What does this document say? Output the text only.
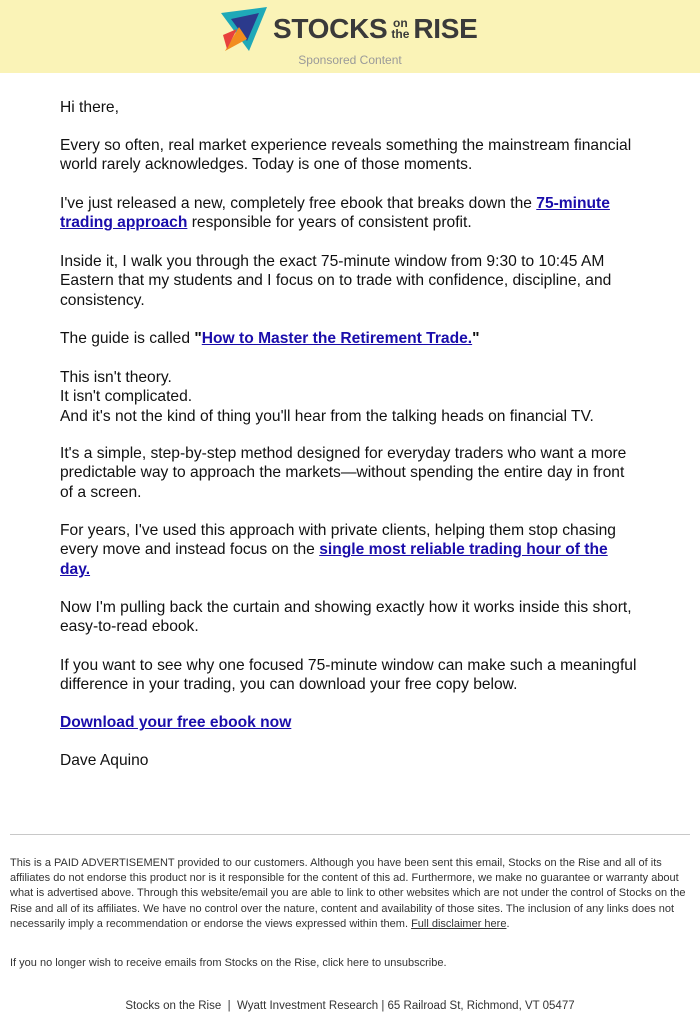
STOCKS on
the RISE
Sponsored Content

Hi there,

Every so often, real market experience reveals something the mainstream financial world rarely acknowledges. Today is one of those moments.

I've just released a new, completely free ebook that breaks down the 75-minute trading approach responsible for years of consistent profit.

Inside it, I walk you through the exact 75-minute window from 9:30 to 10:45 AM Eastern that my students and I focus on to trade with confidence, discipline, and consistency.

The guide is called "How to Master the Retirement Trade."

This isn't theory.
It isn't complicated.
And it's not the kind of thing you'll hear from the talking heads on financial TV.

It's a simple, step-by-step method designed for everyday traders who want a more predictable way to approach the markets—without spending the entire day in front of a screen.

For years, I've used this approach with private clients, helping them stop chasing every move and instead focus on the single most reliable trading hour of the day.

Now I'm pulling back the curtain and showing exactly how it works inside this short, easy-to-read ebook.

If you want to see why one focused 75-minute window can make such a meaningful difference in your trading, you can download your free copy below.

Download your free ebook now

Dave Aquino

This is a PAID ADVERTISEMENT provided to our customers. Although you have been sent this email, Stocks on the Rise and all of its affiliates do not endorse this product nor is it responsible for the content of this ad. Furthermore, we make no guarantee or warranty about what is advertised above. Through this website/email you are able to link to other websites which are not under the control of Stocks on the Rise and all of its affiliates. We have no control over the nature, content and availability of those sites. The inclusion of any links does not necessarily imply a recommendation or endorse the views expressed within them. Full disclaimer here.
If you no longer wish to receive emails from Stocks on the Rise, click here to unsubscribe.
Stocks on the Rise  |  Wyatt Investment Research | 65 Railroad St, Richmond, VT 05477
